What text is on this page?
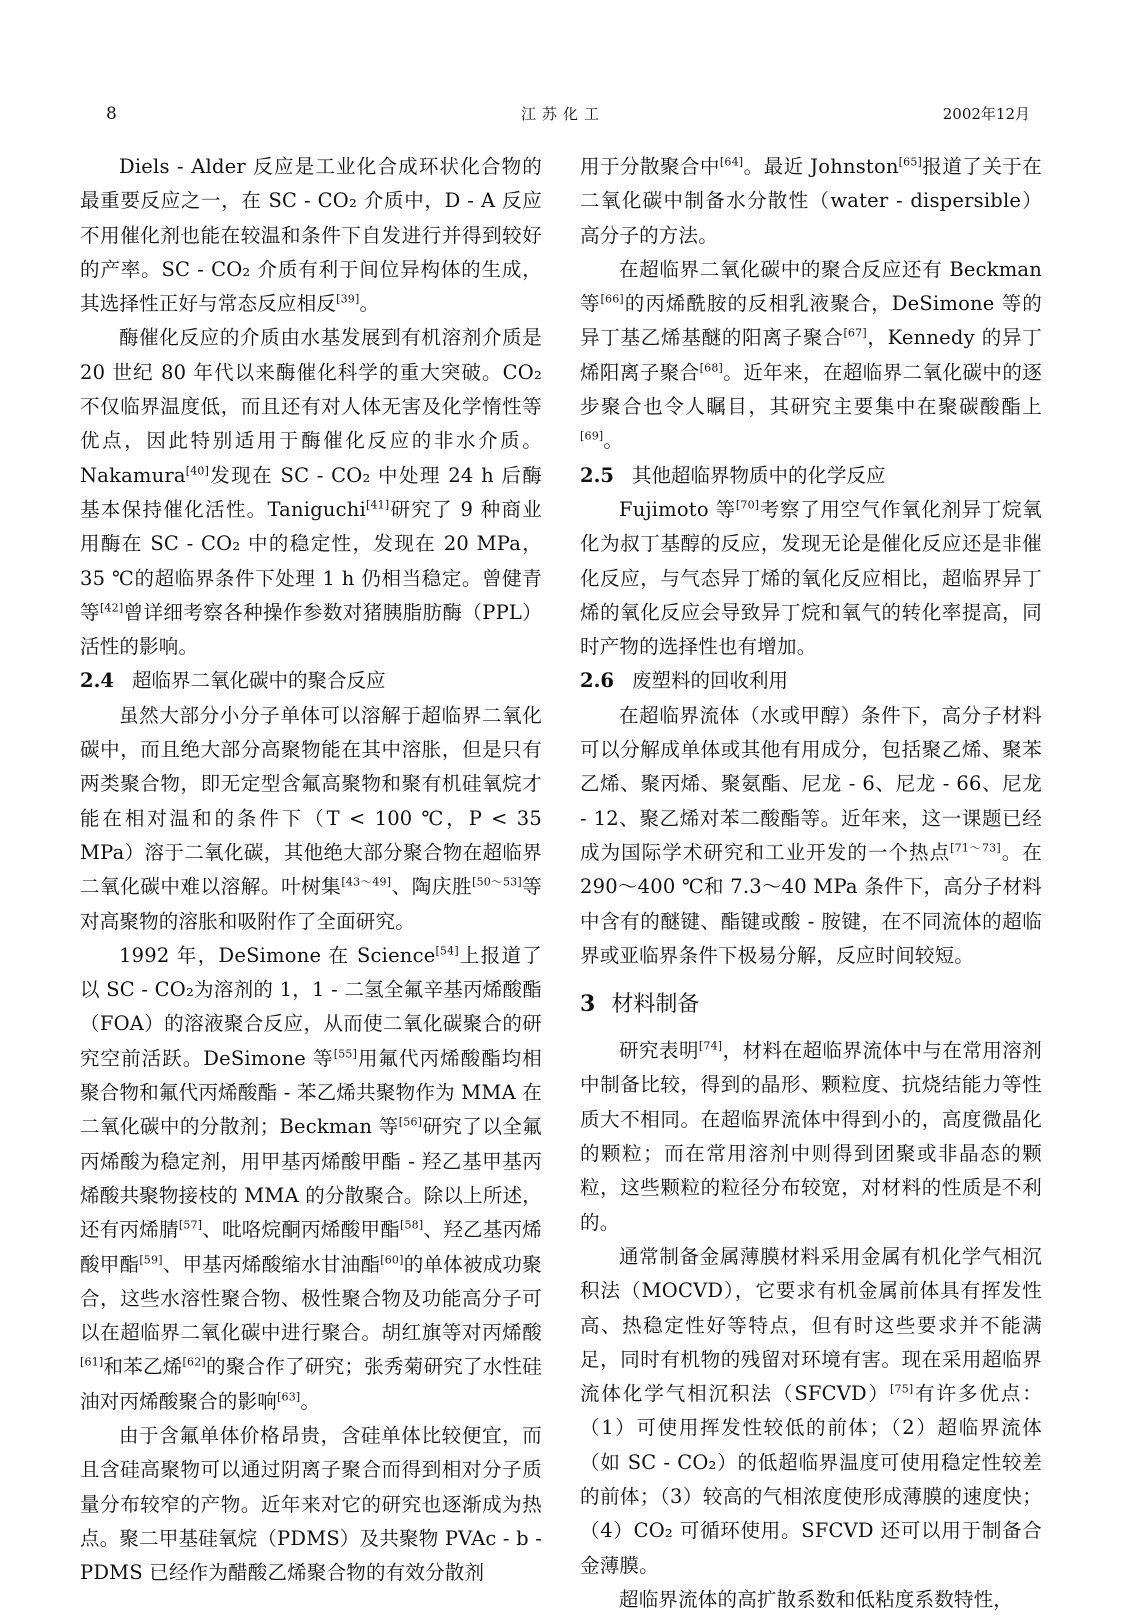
8	江苏化工	2002年12月

Diels - Alder 反应是工业化合成环状化合物的最重要反应之一，在 SC - CO₂ 介质中，D - A 反应不用催化剂也能在较温和条件下自发进行并得到较好的产率。SC - CO₂ 介质有利于间位异构体的生成，其选择性正好与常态反应相反[39]。

酶催化反应的介质由水基发展到有机溶剂介质是 20 世纪 80 年代以来酶催化科学的重大突破。CO₂ 不仅临界温度低，而且还有对人体无害及化学惰性等优点，因此特别适用于酶催化反应的非水介质。Nakamura[40]发现在 SC - CO₂ 中处理 24 h 后酶基本保持催化活性。Taniguchi[41]研究了 9 种商业用酶在 SC - CO₂ 中的稳定性，发现在 20 MPa，35 ℃的超临界条件下处理 1 h 仍相当稳定。曾健青等[42]曾详细考察各种操作参数对猪胰脂肪酶（PPL）活性的影响。

2.4 超临界二氧化碳中的聚合反应

虽然大部分小分子单体可以溶解于超临界二氧化碳中，而且绝大部分高聚物能在其中溶胀，但是只有两类聚合物，即无定型含氟高聚物和聚有机硅氧烷才能在相对温和的条件下（T < 100 ℃，P < 35 MPa）溶于二氧化碳，其他绝大部分聚合物在超临界二氧化碳中难以溶解。叶树集[43～49]、陶庆胜[50～53]等对高聚物的溶胀和吸附作了全面研究。

1992 年，DeSimone 在 Science[54]上报道了以 SC - CO₂为溶剂的 1，1 - 二氢全氟辛基丙烯酸酯（FOA）的溶液聚合反应，从而使二氧化碳聚合的研究空前活跃。DeSimone 等[55]用氟代丙烯酸酯均相聚合物和氟代丙烯酸酯 - 苯乙烯共聚物作为 MMA 在二氧化碳中的分散剂；Beckman 等[56]研究了以全氟丙烯酸为稳定剂，用甲基丙烯酸甲酯 - 羟乙基甲基丙烯酸共聚物接枝的 MMA 的分散聚合。除以上所述，还有丙烯腈[57]、吡咯烷酮丙烯酸甲酯[58]、羟乙基丙烯酸甲酯[59]、甲基丙烯酸缩水甘油酯[60]的单体被成功聚合，这些水溶性聚合物、极性聚合物及功能高分子可以在超临界二氧化碳中进行聚合。胡红旗等对丙烯酸[61]和苯乙烯[62]的聚合作了研究；张秀菊研究了水性硅油对丙烯酸聚合的影响[63]。

由于含氟单体价格昂贵，含硅单体比较便宜，而且含硅高聚物可以通过阴离子聚合而得到相对分子质量分布较窄的产物。近年来对它的研究也逐渐成为热点。聚二甲基硅氧烷（PDMS）及共聚物 PVAc - b - PDMS 已经作为醋酸乙烯聚合物的有效分散剂

用于分散聚合中[64]。最近 Johnston[65]报道了关于在二氧化碳中制备水分散性（water - dispersible）高分子的方法。

在超临界二氧化碳中的聚合反应还有 Beckman 等[66]的丙烯酰胺的反相乳液聚合，DeSimone 等的异丁基乙烯基醚的阳离子聚合[67]，Kennedy 的异丁烯阳离子聚合[68]。近年来，在超临界二氧化碳中的逐步聚合也令人瞩目，其研究主要集中在聚碳酸酯上[69]。

2.5 其他超临界物质中的化学反应

Fujimoto 等[70]考察了用空气作氧化剂异丁烷氧化为叔丁基醇的反应，发现无论是催化反应还是非催化反应，与气态异丁烯的氧化反应相比，超临界异丁烯的氧化反应会导致异丁烷和氧气的转化率提高，同时产物的选择性也有增加。

2.6 废塑料的回收利用

在超临界流体（水或甲醇）条件下，高分子材料可以分解成单体或其他有用成分，包括聚乙烯、聚苯乙烯、聚丙烯、聚氨酯、尼龙 - 6、尼龙 - 66、尼龙 - 12、聚乙烯对苯二酸酯等。近年来，这一课题已经成为国际学术研究和工业开发的一个热点[71～73]。在 290～400 ℃和 7.3～40 MPa 条件下，高分子材料中含有的醚键、酯键或酸 - 胺键，在不同流体的超临界或亚临界条件下极易分解，反应时间较短。

3 材料制备

研究表明[74]，材料在超临界流体中与在常用溶剂中制备比较，得到的晶形、颗粒度、抗烧结能力等性质大不相同。在超临界流体中得到小的，高度微晶化的颗粒；而在常用溶剂中则得到团聚或非晶态的颗粒，这些颗粒的粒径分布较宽，对材料的性质是不利的。

通常制备金属薄膜材料采用金属有机化学气相沉积法（MOCVD），它要求有机金属前体具有挥发性高、热稳定性好等特点，但有时这些要求并不能满足，同时有机物的残留对环境有害。现在采用超临界流体化学气相沉积法（SFCVD）[75]有许多优点：（1）可使用挥发性较低的前体；（2）超临界流体（如 SC - CO₂）的低超临界温度可使用稳定性较差的前体；（3）较高的气相浓度使形成薄膜的速度快；（4）CO₂ 可循环使用。SFCVD 还可以用于制备合金薄膜。

超临界流体的高扩散系数和低粘度系数特性，
